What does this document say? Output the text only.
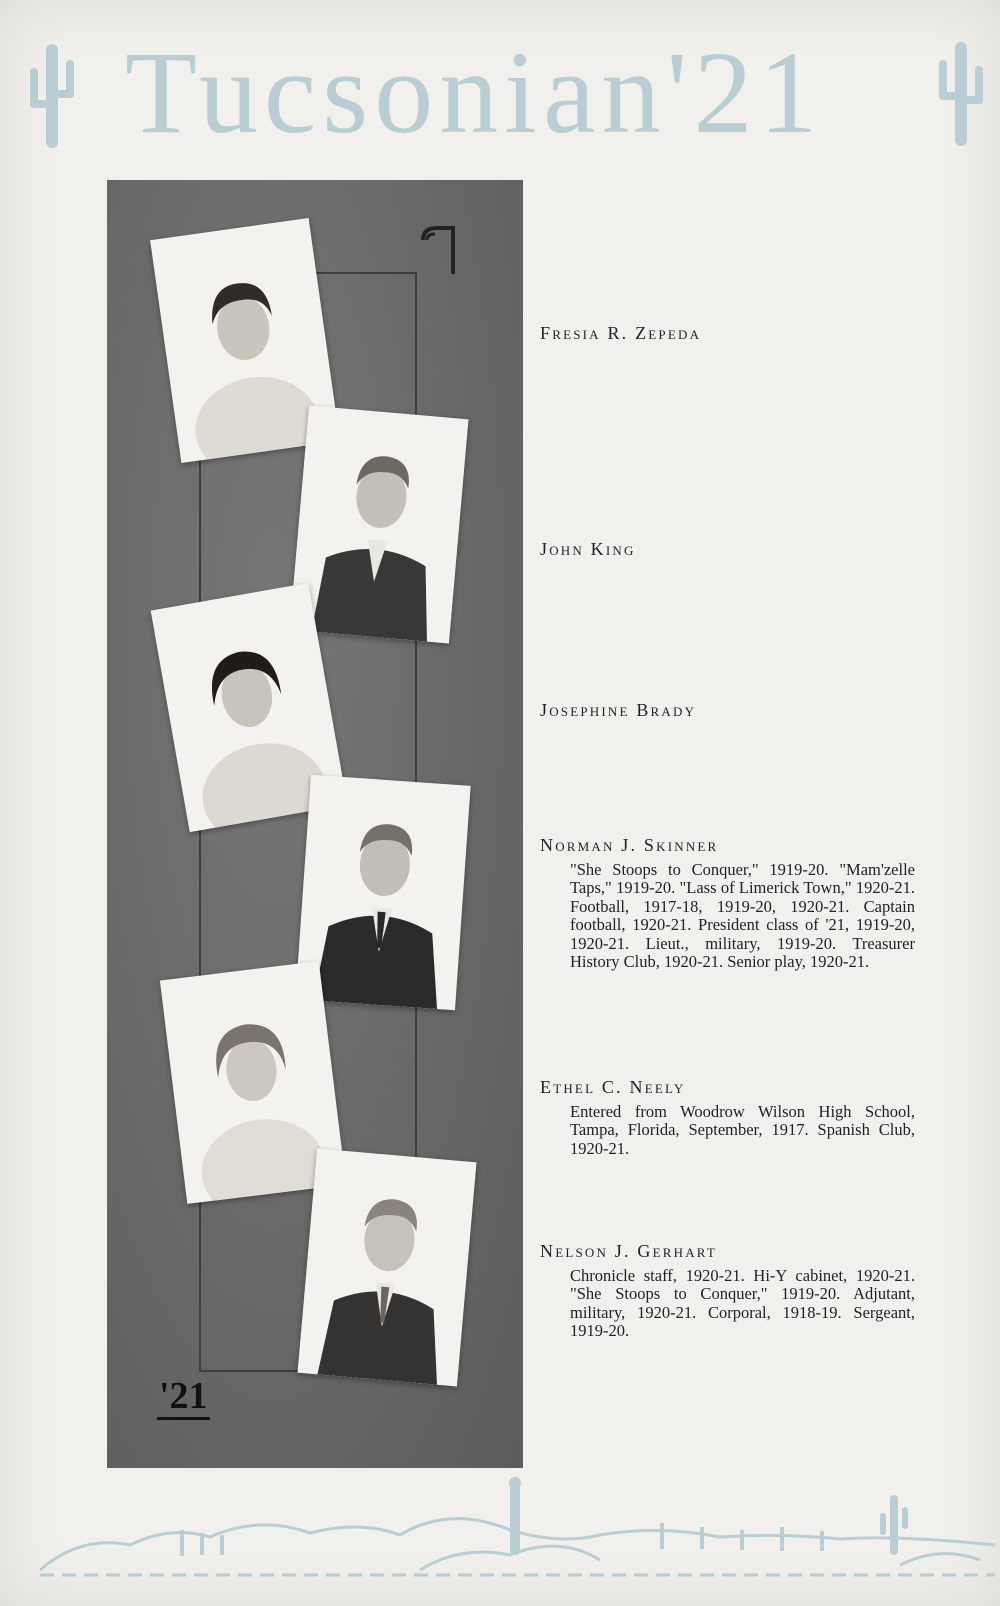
Tucsonian'21
'21
Fresia R. Zepeda
John King
Josephine Brady
Norman J. Skinner
"She Stoops to Conquer," 1919-20. "Mam'zelle Taps," 1919-20. "Lass of Limerick Town," 1920-21. Football, 1917-18, 1919-20, 1920-21. Captain football, 1920-21. President class of '21, 1919-20, 1920-21. Lieut., military, 1919-20. Treasurer History Club, 1920-21. Senior play, 1920-21.
Ethel C. Neely
Entered from Woodrow Wilson High School, Tampa, Florida, September, 1917. Spanish Club, 1920-21.
Nelson J. Gerhart
Chronicle staff, 1920-21. Hi-Y cabinet, 1920-21. "She Stoops to Conquer," 1919-20. Adjutant, military, 1920-21. Corporal, 1918-19. Sergeant, 1919-20.
